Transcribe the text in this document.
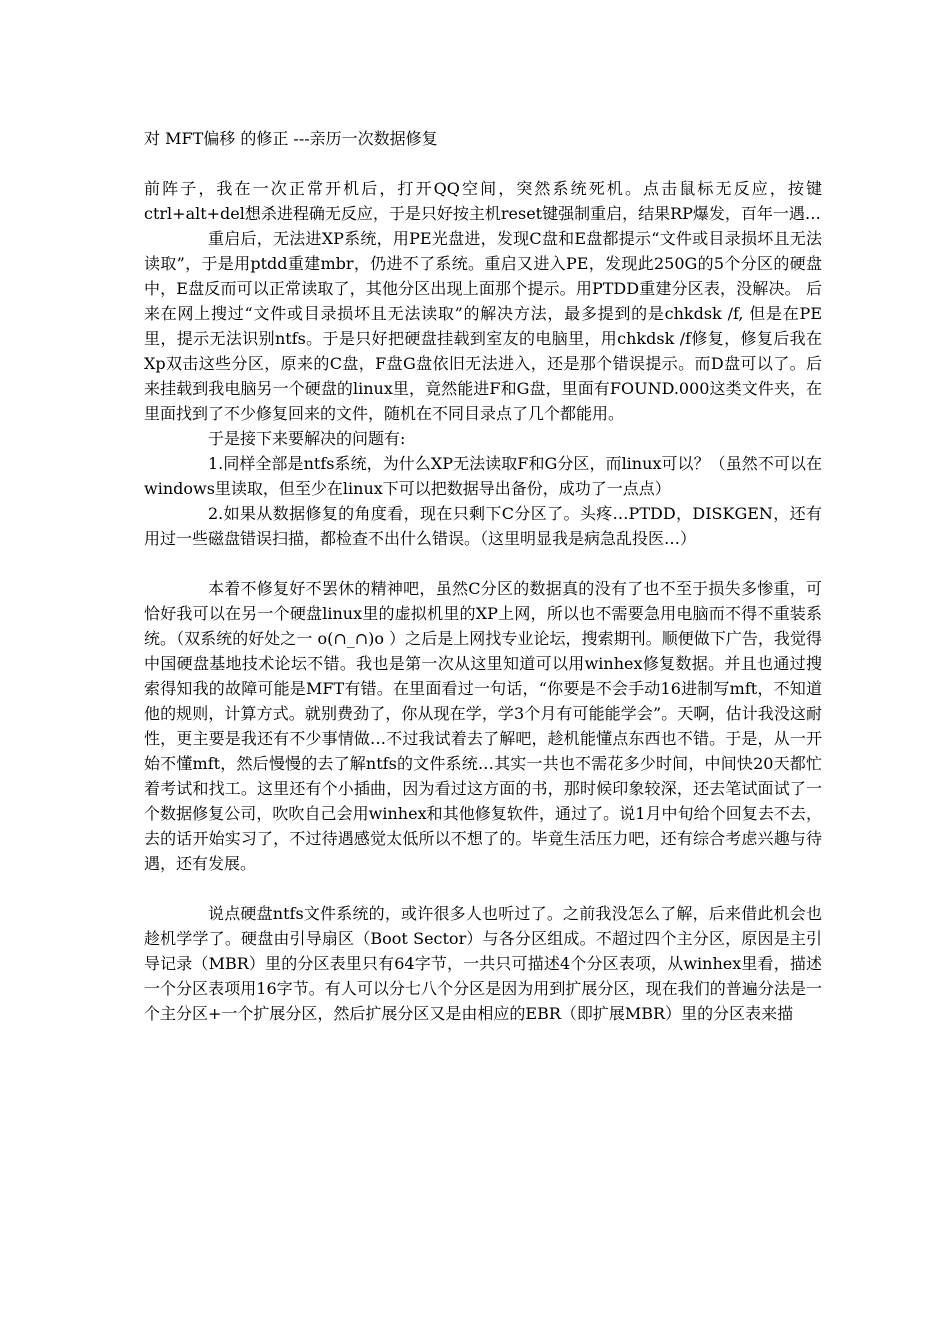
对 MFT偏移 的修正 ---亲历一次数据修复

前阵子，我在一次正常开机后，打开QQ空间，突然系统死机。点击鼠标无反应，按键ctrl+alt+del想杀进程确无反应，于是只好按主机reset键强制重启，结果RP爆发，百年一遇…

重启后，无法进XP系统，用PE光盘进，发现C盘和E盘都提示“文件或目录损坏且无法读取”，于是用ptdd重建mbr，仍进不了系统。重启又进入PE，发现此250G的5个分区的硬盘中，E盘反而可以正常读取了，其他分区出现上面那个提示。用PTDD重建分区表，没解决。 后来在网上搜过“文件或目录损坏且无法读取”的解决方法，最多提到的是chkdsk /f, 但是在PE里，提示无法识别ntfs。于是只好把硬盘挂载到室友的电脑里，用chkdsk /f修复，修复后我在Xp双击这些分区，原来的C盘，F盘G盘依旧无法进入，还是那个错误提示。而D盘可以了。后来挂载到我电脑另一个硬盘的linux里，竟然能进F和G盘，里面有FOUND.000这类文件夹，在里面找到了不少修复回来的文件，随机在不同目录点了几个都能用。

于是接下来要解决的问题有:

1.同样全部是ntfs系统，为什么XP无法读取F和G分区，而linux可以？（虽然不可以在windows里读取，但至少在linux下可以把数据导出备份，成功了一点点）

2.如果从数据修复的角度看，现在只剩下C分区了。头疼…PTDD，DISKGEN，还有用过一些磁盘错误扫描，都检查不出什么错误。（这里明显我是病急乱投医…）

本着不修复好不罢休的精神吧，虽然C分区的数据真的没有了也不至于损失多惨重，可恰好我可以在另一个硬盘linux里的虚拟机里的XP上网，所以也不需要急用电脑而不得不重装系统。（双系统的好处之一 o(∩_∩)o ）之后是上网找专业论坛，搜索期刊。顺便做下广告，我觉得中国硬盘基地技术论坛不错。我也是第一次从这里知道可以用winhex修复数据。并且也通过搜索得知我的故障可能是MFT有错。在里面看过一句话，“你要是不会手动16进制写mft，不知道他的规则，计算方式。就别费劲了，你从现在学，学3个月有可能能学会”。天啊，估计我没这耐性，更主要是我还有不少事情做…不过我试着去了解吧，趁机能懂点东西也不错。于是，从一开始不懂mft，然后慢慢的去了解ntfs的文件系统…其实一共也不需花多少时间，中间快20天都忙着考试和找工。这里还有个小插曲，因为看过这方面的书，那时候印象较深，还去笔试面试了一个数据修复公司，吹吹自己会用winhex和其他修复软件，通过了。说1月中旬给个回复去不去，去的话开始实习了，不过待遇感觉太低所以不想了的。毕竟生活压力吧，还有综合考虑兴趣与待遇，还有发展。

说点硬盘ntfs文件系统的，或许很多人也听过了。之前我没怎么了解，后来借此机会也趁机学学了。硬盘由引导扇区（Boot Sector）与各分区组成。不超过四个主分区，原因是主引导记录（MBR）里的分区表里只有64字节，一共只可描述4个分区表项，从winhex里看，描述一个分区表项用16字节。有人可以分七八个分区是因为用到扩展分区，现在我们的普遍分法是一个主分区+一个扩展分区，然后扩展分区又是由相应的EBR（即扩展MBR）里的分区表来描
